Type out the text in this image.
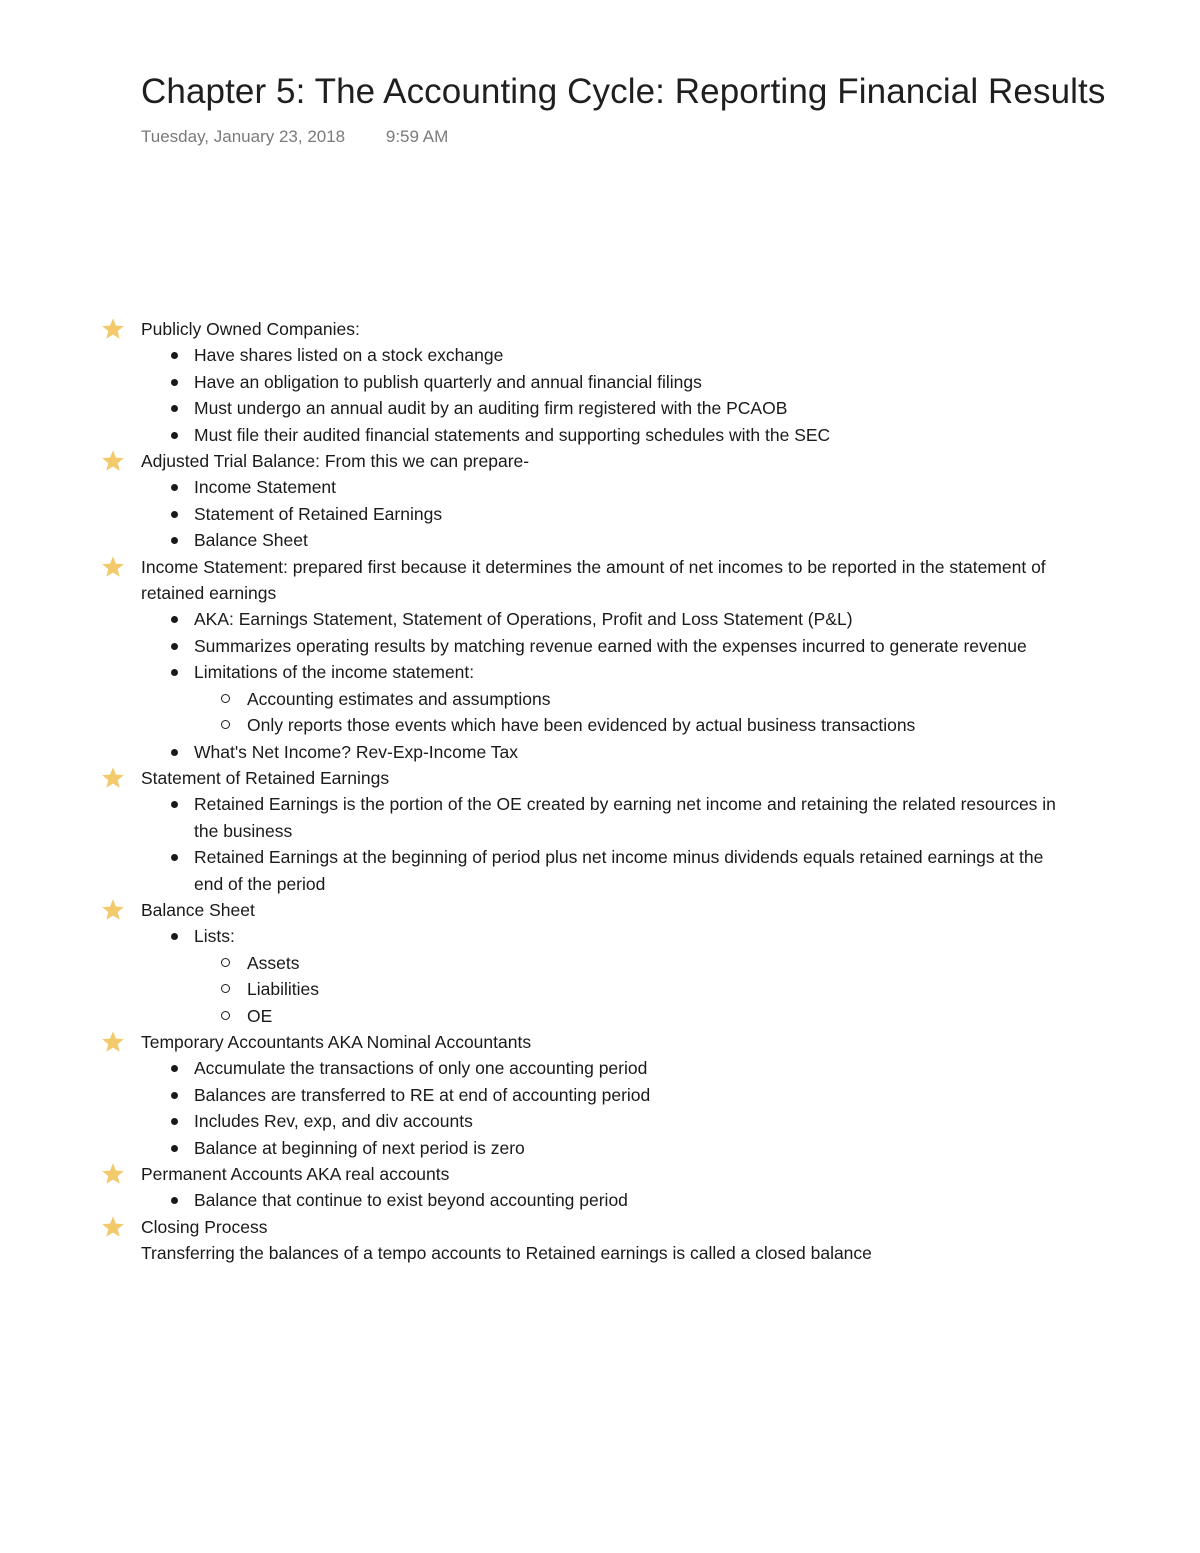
Chapter 5: The Accounting Cycle: Reporting Financial Results
Tuesday, January 23, 2018 9:59 AM
Publicly Owned Companies:
Have shares listed on a stock exchange
Have an obligation to publish quarterly and annual financial filings
Must undergo an annual audit by an auditing firm registered with the PCAOB
Must file their audited financial statements and supporting schedules with the SEC
Adjusted Trial Balance: From this we can prepare-
Income Statement
Statement of Retained Earnings
Balance Sheet
Income Statement: prepared first because it determines the amount of net incomes to be reported in the statement of retained earnings
AKA: Earnings Statement, Statement of Operations, Profit and Loss Statement (P&L)
Summarizes operating results by matching revenue earned with the expenses incurred to generate revenue
Limitations of the income statement:
Accounting estimates and assumptions
Only reports those events which have been evidenced by actual business transactions
What's Net Income? Rev-Exp-Income Tax
Statement of Retained Earnings
Retained Earnings is the portion of the OE created by earning net income and retaining the related resources in the business
Retained Earnings at the beginning of period plus net income minus dividends equals retained earnings at the end of the period
Balance Sheet
Lists:
Assets
Liabilities
OE
Temporary Accountants AKA Nominal Accountants
Accumulate the transactions of only one accounting period
Balances are transferred to RE at end of accounting period
Includes Rev, exp, and div accounts
Balance at beginning of next period is zero
Permanent Accounts AKA real accounts
Balance that continue to exist beyond accounting period
Closing Process
Transferring the balances of a tempo accounts to Retained earnings is called a closed balance
